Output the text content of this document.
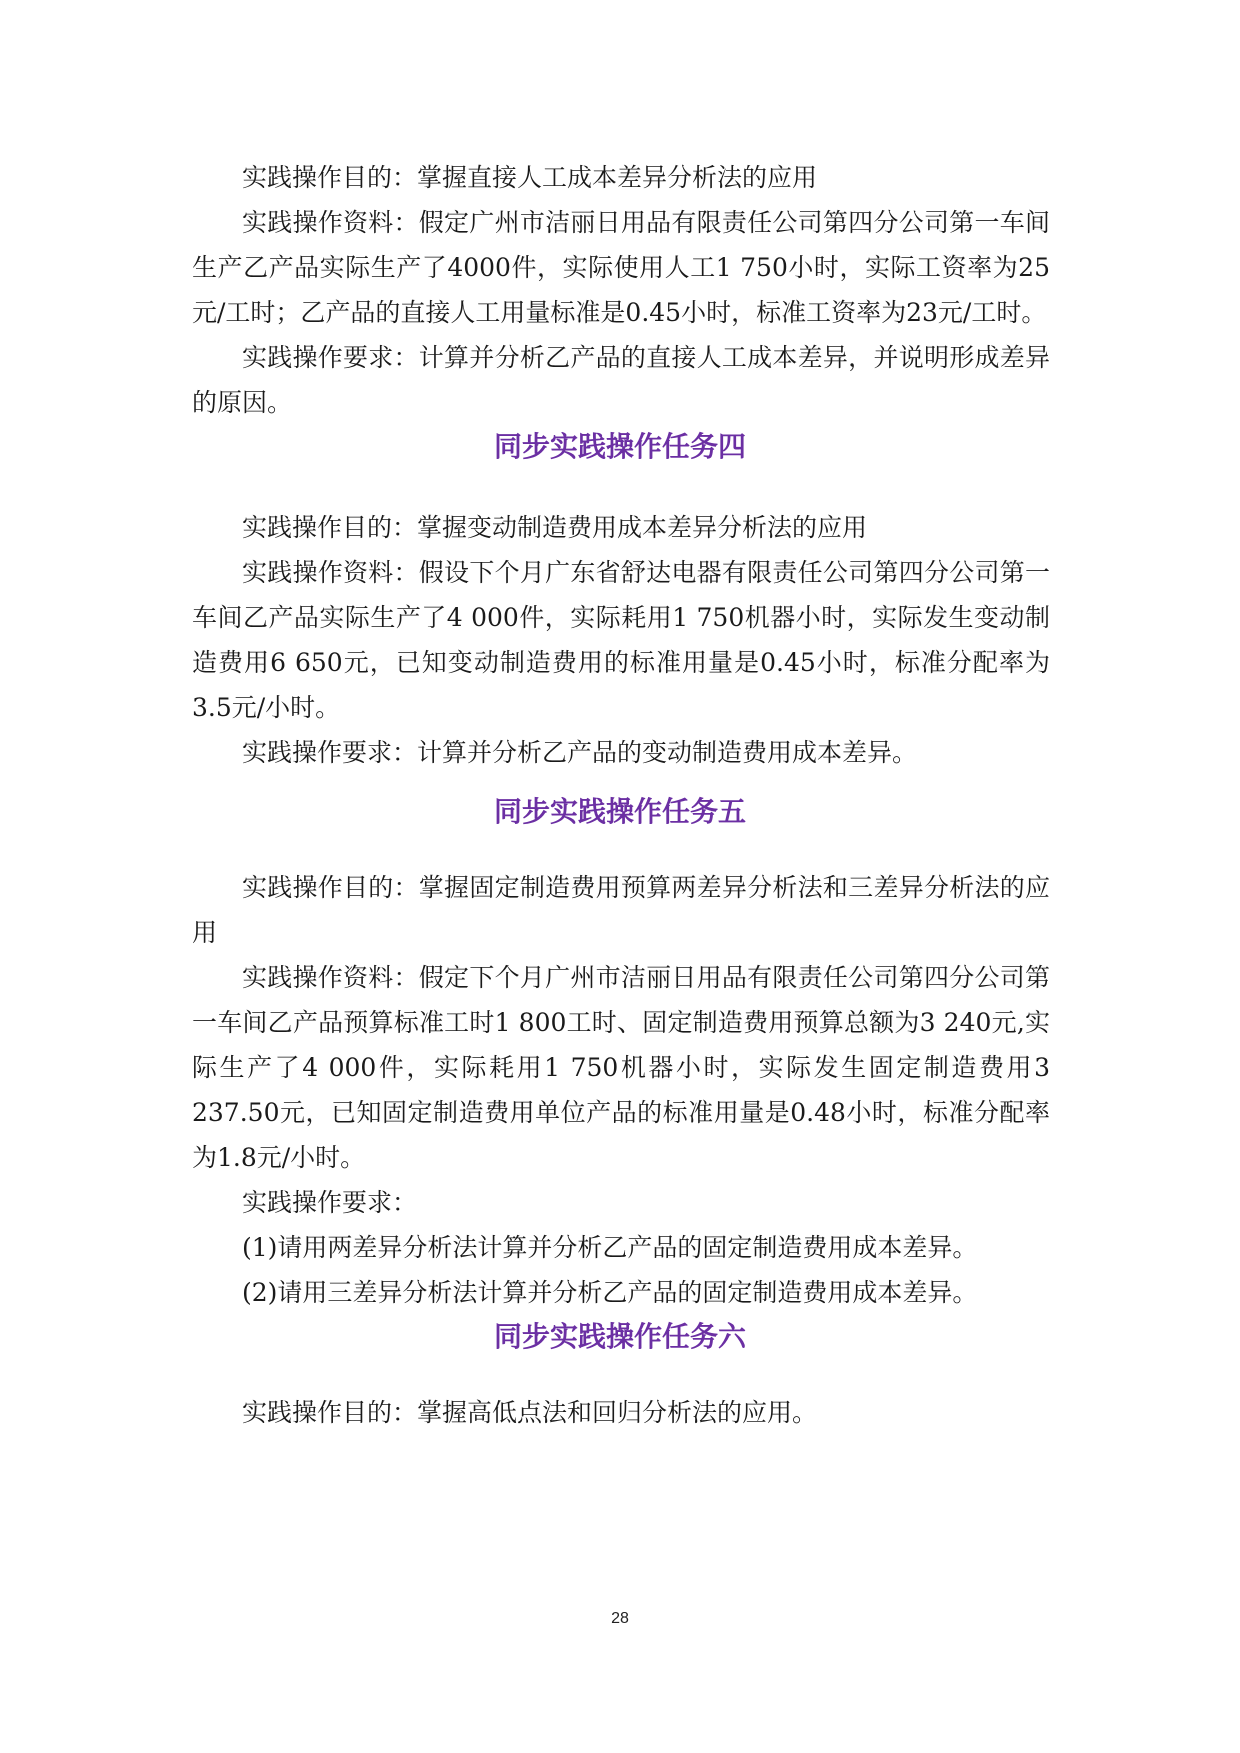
实践操作目的：掌握直接人工成本差异分析法的应用

实践操作资料：假定广州市洁丽日用品有限责任公司第四分公司第一车间生产乙产品实际生产了4000件，实际使用人工1 750小时，实际工资率为25元/工时；乙产品的直接人工用量标准是0.45小时，标准工资率为23元/工时。

实践操作要求：计算并分析乙产品的直接人工成本差异，并说明形成差异的原因。

同步实践操作任务四

实践操作目的：掌握变动制造费用成本差异分析法的应用

实践操作资料：假设下个月广东省舒达电器有限责任公司第四分公司第一车间乙产品实际生产了4 000件，实际耗用1 750机器小时，实际发生变动制造费用6 650元，已知变动制造费用的标准用量是0.45小时，标准分配率为3.5元/小时。

实践操作要求：计算并分析乙产品的变动制造费用成本差异。

同步实践操作任务五

实践操作目的：掌握固定制造费用预算两差异分析法和三差异分析法的应用

实践操作资料：假定下个月广州市洁丽日用品有限责任公司第四分公司第一车间乙产品预算标准工时1 800工时、固定制造费用预算总额为3 240元,实际生产了4 000件，实际耗用1 750机器小时，实际发生固定制造费用3 237.50元，已知固定制造费用单位产品的标准用量是0.48小时，标准分配率为1.8元/小时。

实践操作要求：

(1)请用两差异分析法计算并分析乙产品的固定制造费用成本差异。

(2)请用三差异分析法计算并分析乙产品的固定制造费用成本差异。

同步实践操作任务六

实践操作目的：掌握高低点法和回归分析法的应用。

28
